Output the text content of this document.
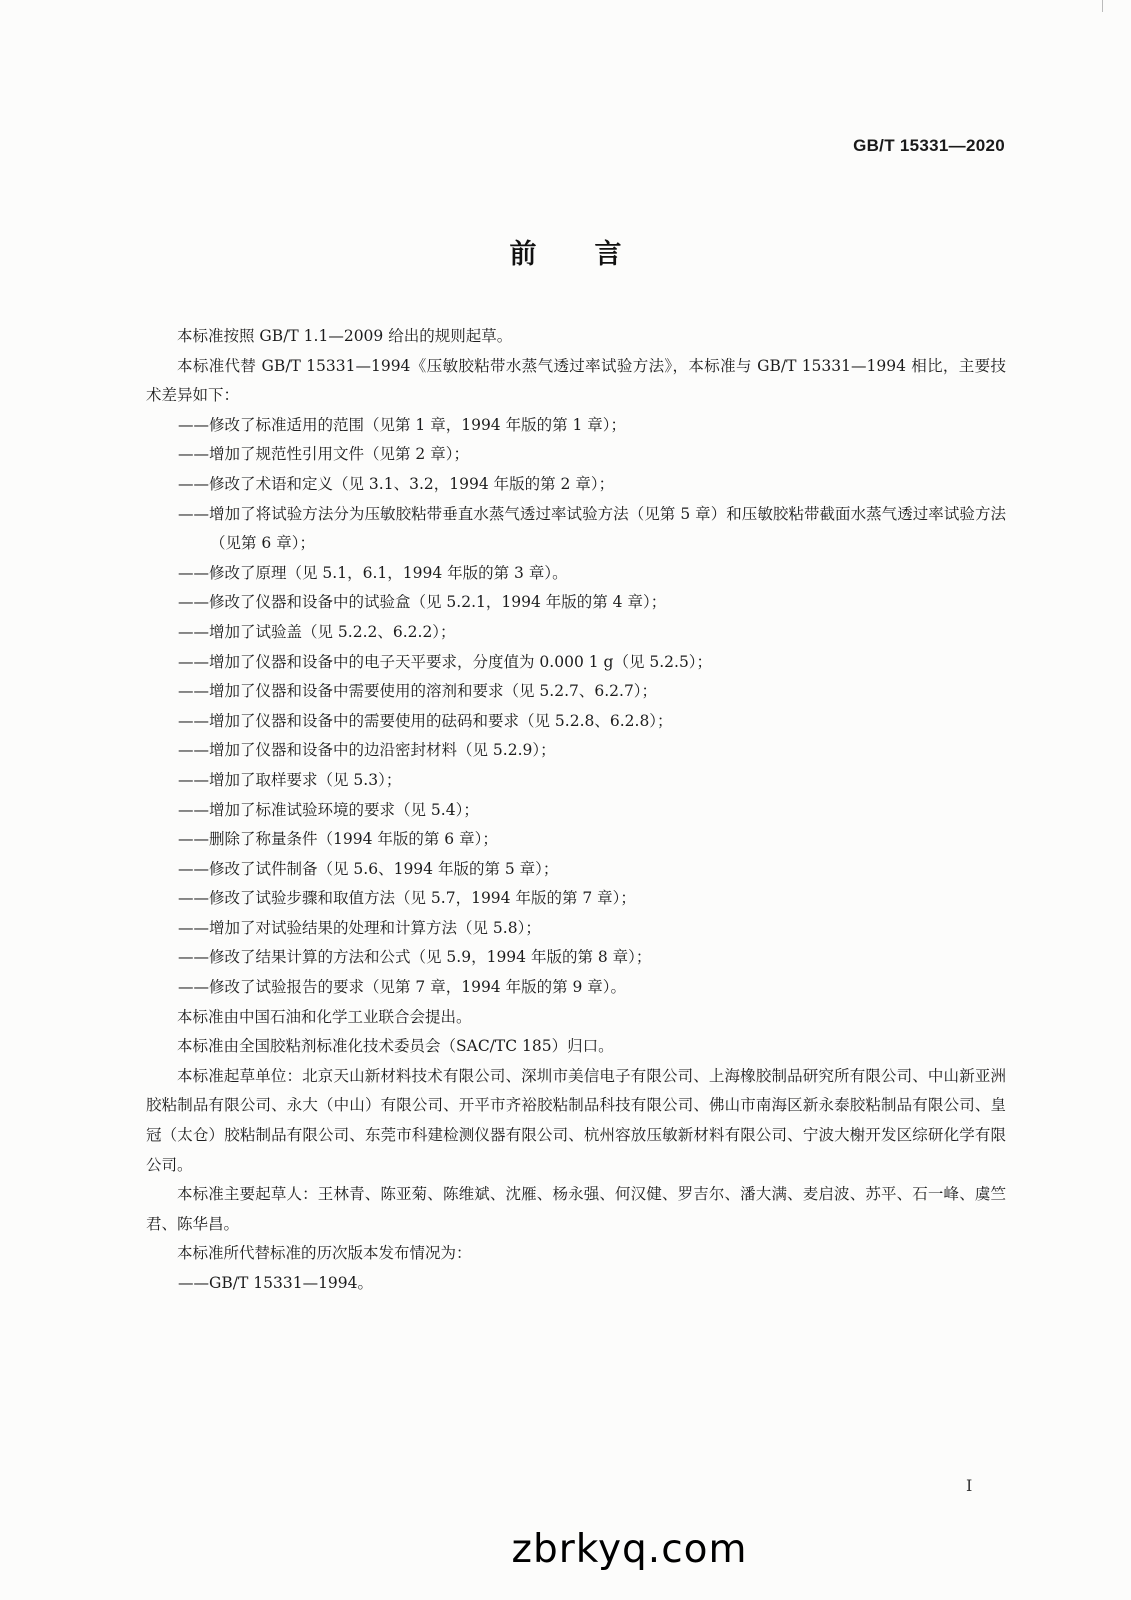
GB/T 15331—2020
前言

本标准按照 GB/T 1.1—2009 给出的规则起草。

本标准代替 GB/T 15331—1994《压敏胶粘带水蒸气透过率试验方法》，本标准与 GB/T 15331—1994 相比，主要技术差异如下：

——修改了标准适用的范围（见第 1 章，1994 年版的第 1 章）；
——增加了规范性引用文件（见第 2 章）；
——修改了术语和定义（见 3.1、3.2，1994 年版的第 2 章）；
——增加了将试验方法分为压敏胶粘带垂直水蒸气透过率试验方法（见第 5 章）和压敏胶粘带截面水蒸气透过率试验方法（见第 6 章）；
——修改了原理（见 5.1，6.1，1994 年版的第 3 章）。
——修改了仪器和设备中的试验盒（见 5.2.1，1994 年版的第 4 章）；
——增加了试验盖（见 5.2.2、6.2.2）；
——增加了仪器和设备中的电子天平要求，分度值为 0.000 1 g（见 5.2.5）；
——增加了仪器和设备中需要使用的溶剂和要求（见 5.2.7、6.2.7）；
——增加了仪器和设备中的需要使用的砝码和要求（见 5.2.8、6.2.8）；
——增加了仪器和设备中的边沿密封材料（见 5.2.9）；
——增加了取样要求（见 5.3）；
——增加了标准试验环境的要求（见 5.4）；
——删除了称量条件（1994 年版的第 6 章）；
——修改了试件制备（见 5.6、1994 年版的第 5 章）；
——修改了试验步骤和取值方法（见 5.7，1994 年版的第 7 章）；
——增加了对试验结果的处理和计算方法（见 5.8）；
——修改了结果计算的方法和公式（见 5.9，1994 年版的第 8 章）；
——修改了试验报告的要求（见第 7 章，1994 年版的第 9 章）。

本标准由中国石油和化学工业联合会提出。

本标准由全国胶粘剂标准化技术委员会（SAC/TC 185）归口。

本标准起草单位：北京天山新材料技术有限公司、深圳市美信电子有限公司、上海橡胶制品研究所有限公司、中山新亚洲胶粘制品有限公司、永大（中山）有限公司、开平市齐裕胶粘制品科技有限公司、佛山市南海区新永泰胶粘制品有限公司、皇冠（太仓）胶粘制品有限公司、东莞市科建检测仪器有限公司、杭州容放压敏新材料有限公司、宁波大榭开发区综研化学有限公司。

本标准主要起草人：王林青、陈亚菊、陈维斌、沈雁、杨永强、何汉健、罗吉尔、潘大满、麦启波、苏平、石一峰、虞竺君、陈华昌。

本标准所代替标准的历次版本发布情况为：

——GB/T 15331—1994。
I
zbrkyq.com
